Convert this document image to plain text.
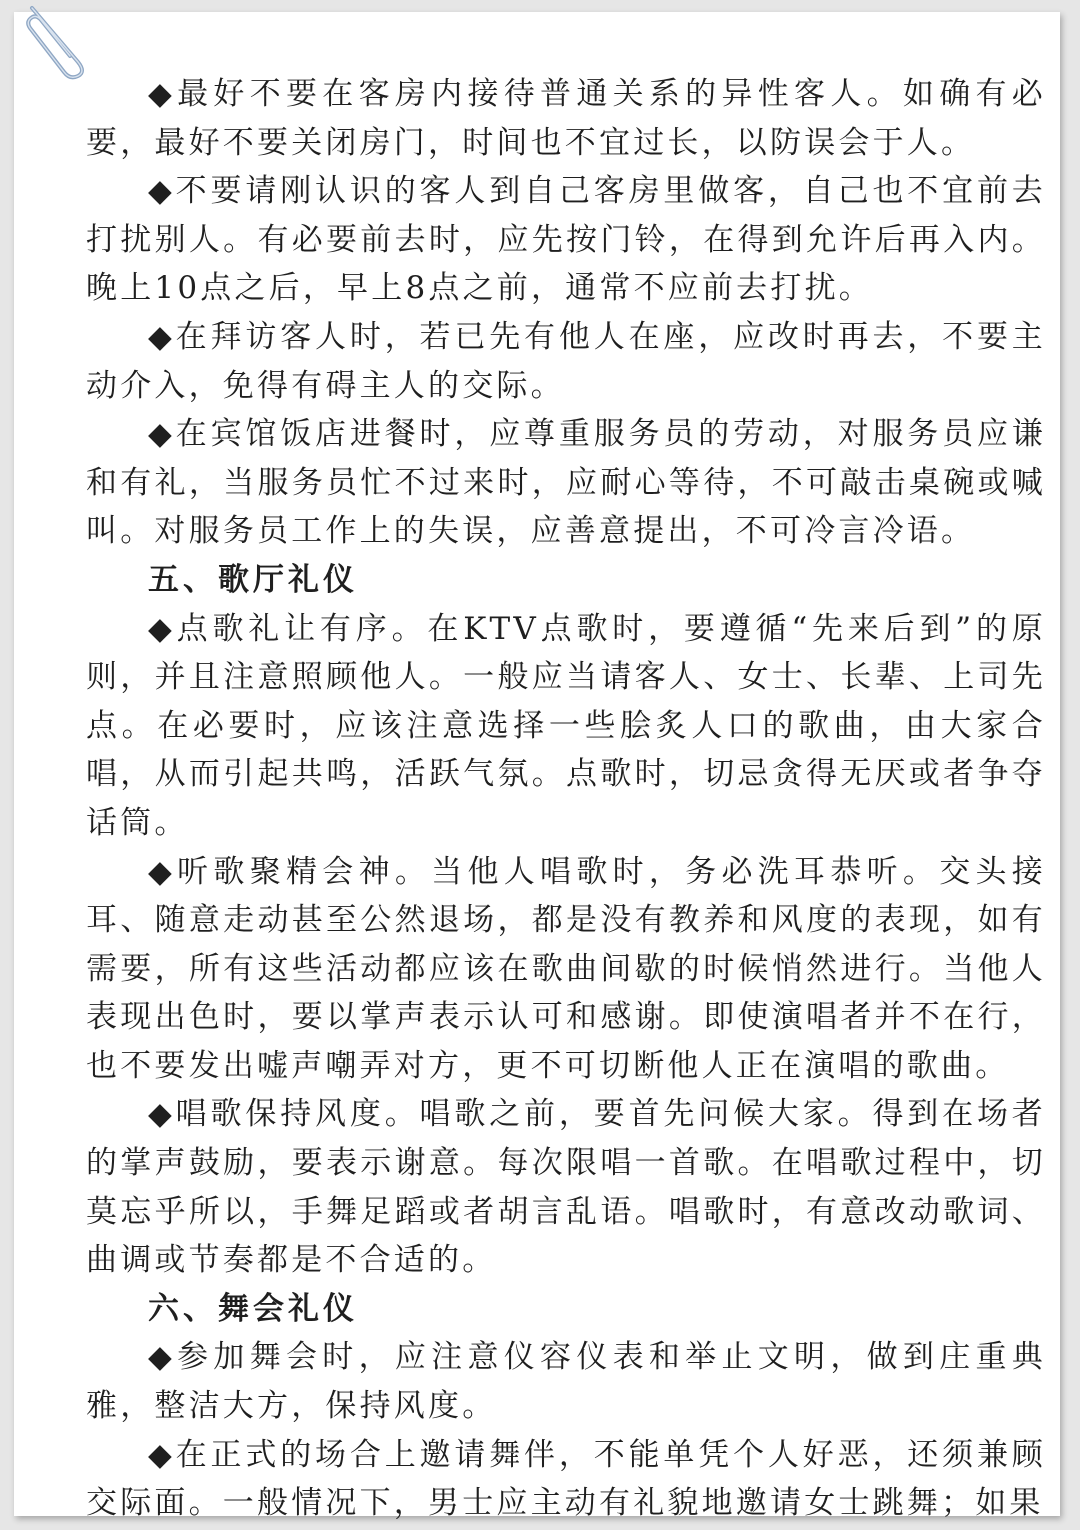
◆最好不要在客房内接待普通关系的异性客人。如确有必要，最好不要关闭房门，时间也不宜过长，以防误会于人。

◆不要请刚认识的客人到自己客房里做客，自己也不宜前去打扰别人。有必要前去时，应先按门铃，在得到允许后再入内。晚上10点之后，早上8点之前，通常不应前去打扰。

◆在拜访客人时，若已先有他人在座，应改时再去，不要主动介入，免得有碍主人的交际。

◆在宾馆饭店进餐时，应尊重服务员的劳动，对服务员应谦和有礼，当服务员忙不过来时，应耐心等待，不可敲击桌碗或喊叫。对服务员工作上的失误，应善意提出，不可冷言冷语。

五、歌厅礼仪

◆点歌礼让有序。在KTV点歌时，要遵循“先来后到”的原则，并且注意照顾他人。一般应当请客人、女士、长辈、上司先点。在必要时，应该注意选择一些脍炙人口的歌曲，由大家合唱，从而引起共鸣，活跃气氛。点歌时，切忌贪得无厌或者争夺话筒。

◆听歌聚精会神。当他人唱歌时，务必洗耳恭听。交头接耳、随意走动甚至公然退场，都是没有教养和风度的表现，如有需要，所有这些活动都应该在歌曲间歇的时候悄然进行。当他人表现出色时，要以掌声表示认可和感谢。即使演唱者并不在行，也不要发出嘘声嘲弄对方，更不可切断他人正在演唱的歌曲。

◆唱歌保持风度。唱歌之前，要首先问候大家。得到在场者的掌声鼓励，要表示谢意。每次限唱一首歌。在唱歌过程中，切莫忘乎所以，手舞足蹈或者胡言乱语。唱歌时，有意改动歌词、曲调或节奏都是不合适的。

六、舞会礼仪

◆参加舞会时，应注意仪容仪表和举止文明，做到庄重典雅，整洁大方，保持风度。

◆在正式的场合上邀请舞伴，不能单凭个人好恶，还须兼顾交际面。一般情况下，男士应主动有礼貌地邀请女士跳舞；如果
